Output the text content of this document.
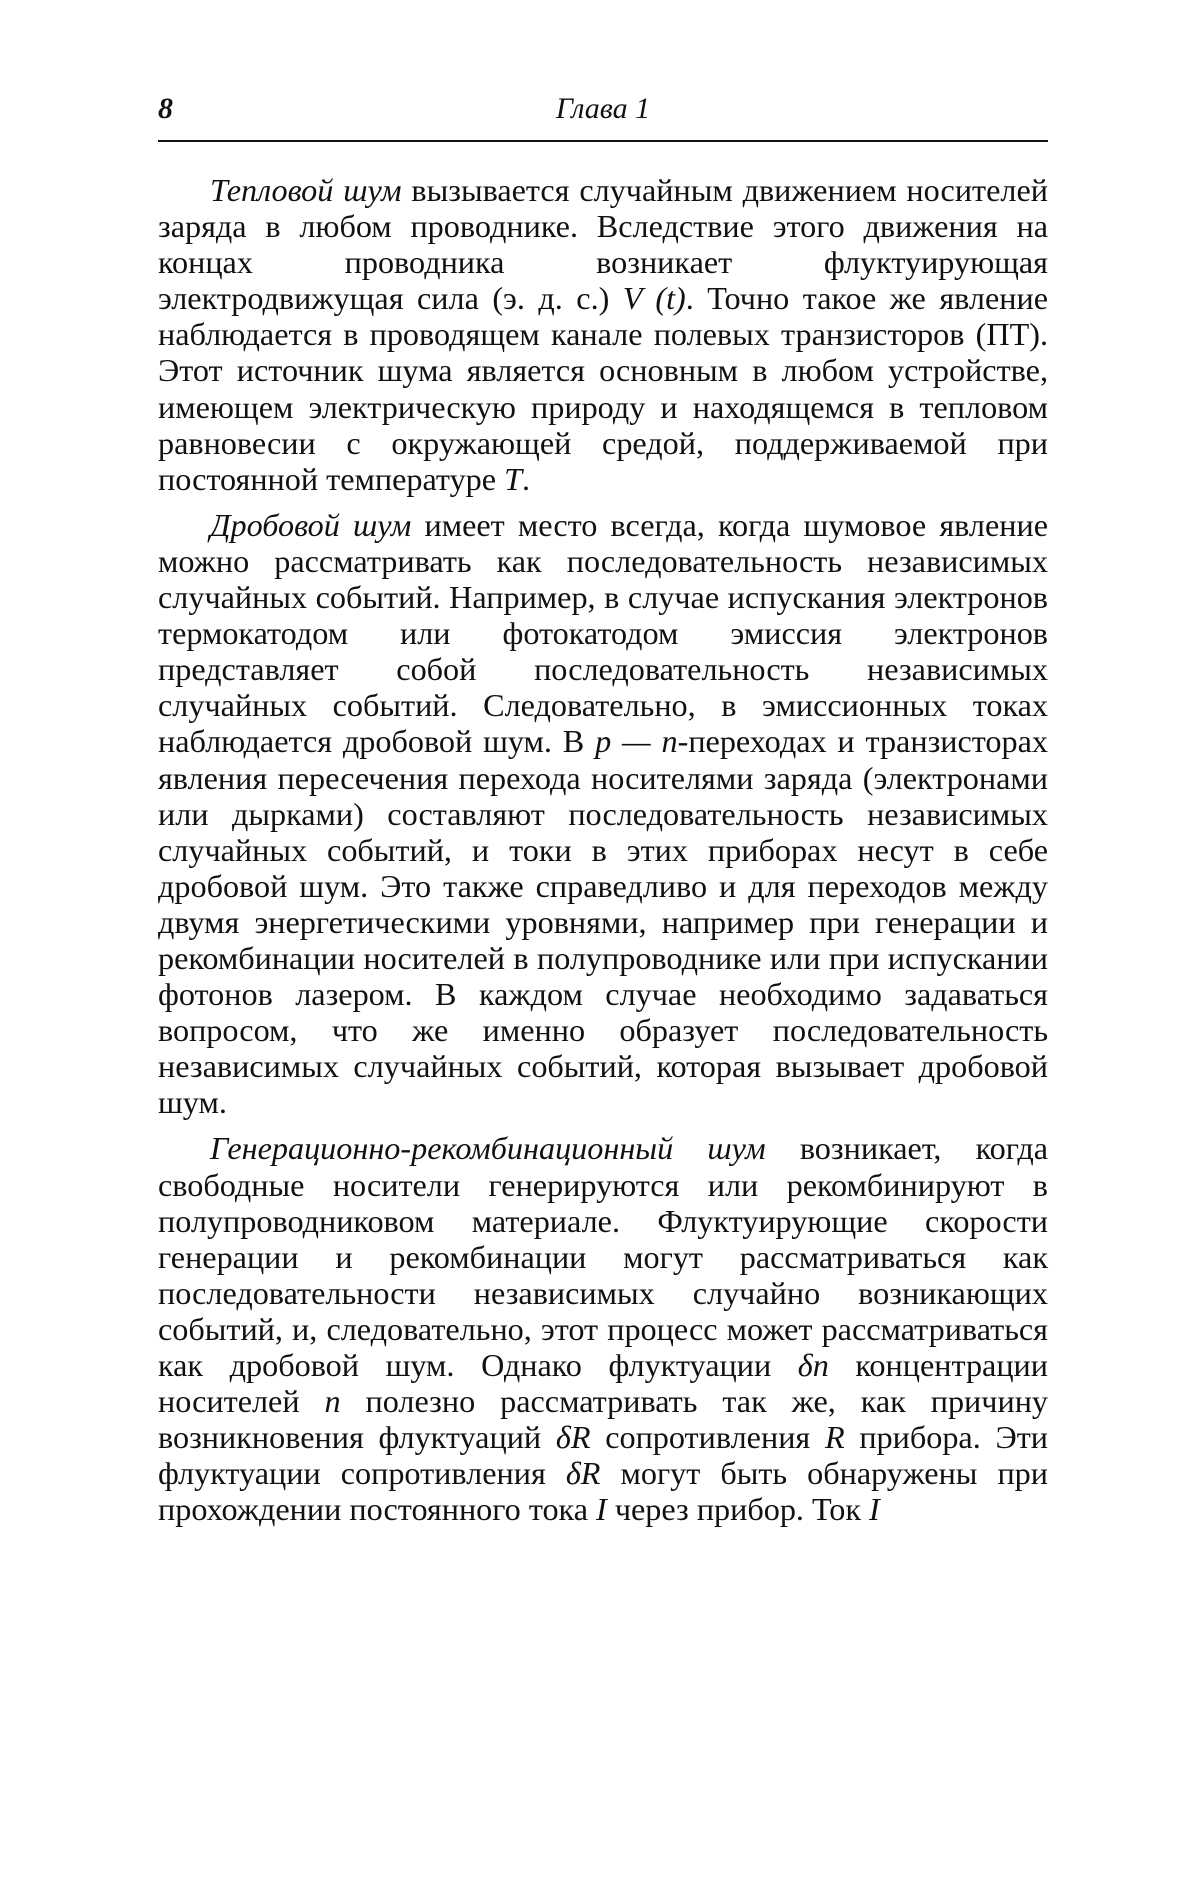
8	Глава 1

Тепловой шум вызывается случайным движением носителей заряда в любом проводнике. Вследствие этого движения на концах проводника возникает флуктуирующая электродвижущая сила (э. д. с.) V (t). Точно такое же явление наблюдается в проводящем канале полевых транзисторов (ПТ). Этот источник шума является основным в любом устройстве, имеющем электрическую природу и находящемся в тепловом равновесии с окружающей средой, поддерживаемой при постоянной температуре T.

Дробовой шум имеет место всегда, когда шумовое явление можно рассматривать как последовательность независимых случайных событий. Например, в случае испускания электронов термокатодом или фотокатодом эмиссия электронов представляет собой последовательность независимых случайных событий. Следовательно, в эмиссионных токах наблюдается дробовой шум. В p — n-переходах и транзисторах явления пересечения перехода носителями заряда (электронами или дырками) составляют последовательность независимых случайных событий, и токи в этих приборах несут в себе дробовой шум. Это также справедливо и для переходов между двумя энергетическими уровнями, например при генерации и рекомбинации носителей в полупроводнике или при испускании фотонов лазером. В каждом случае необходимо задаваться вопросом, что же именно образует последовательность независимых случайных событий, которая вызывает дробовой шум.

Генерационно-рекомбинационный шум возникает, когда свободные носители генерируются или рекомбинируют в полупроводниковом материале. Флуктуирующие скорости генерации и рекомбинации могут рассматриваться как последовательности независимых случайно возникающих событий, и, следовательно, этот процесс может рассматриваться как дробовой шум. Однако флуктуации δn концентрации носителей n полезно рассматривать так же, как причину возникновения флуктуаций δR сопротивления R прибора. Эти флуктуации сопротивления δR могут быть обнаружены при прохождении постоянного тока I через прибор. Ток I
